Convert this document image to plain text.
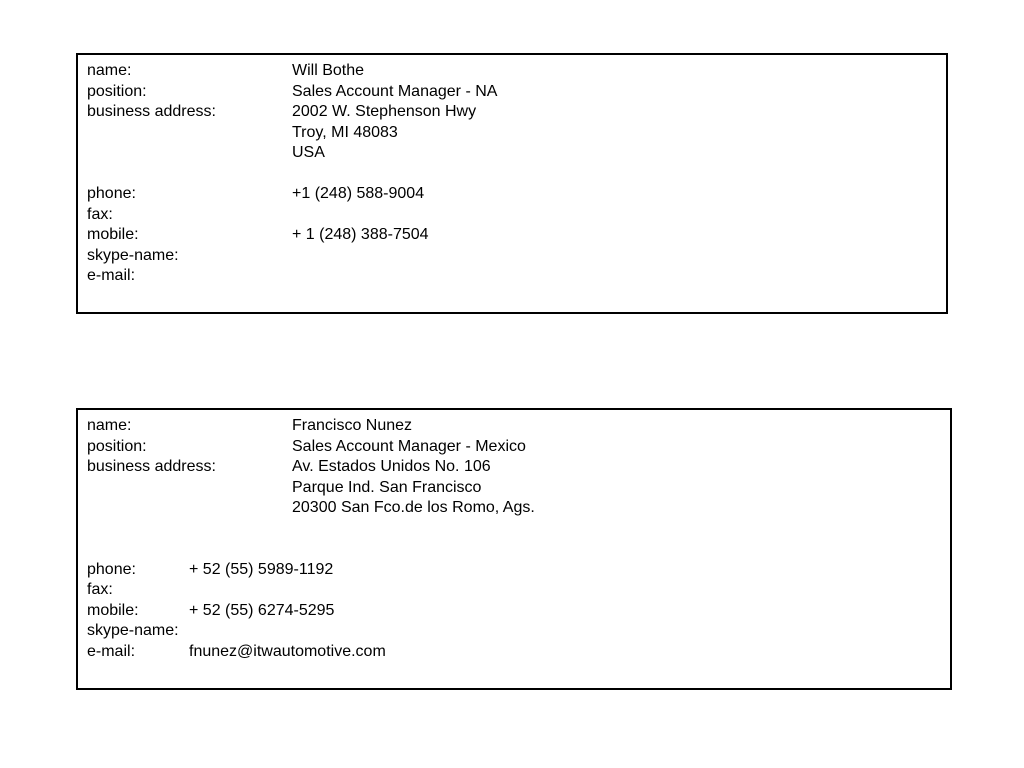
name:	Will Bothe
position:	Sales Account Manager - NA
business address:	2002 W. Stephenson Hwy
Troy, MI 48083
USA
phone:	+1 (248) 588-9004
fax:
mobile:	+ 1 (248) 388-7504
skype-name:
e-mail:
name:	Francisco Nunez
position:	Sales Account Manager - Mexico
business address:	Av. Estados Unidos No. 106
Parque Ind. San Francisco
20300 San Fco.de los Romo, Ags.
phone:	+ 52 (55) 5989-1192
fax:
mobile:	+ 52 (55) 6274-5295
skype-name:
e-mail:	fnunez@itwautomotive.com
